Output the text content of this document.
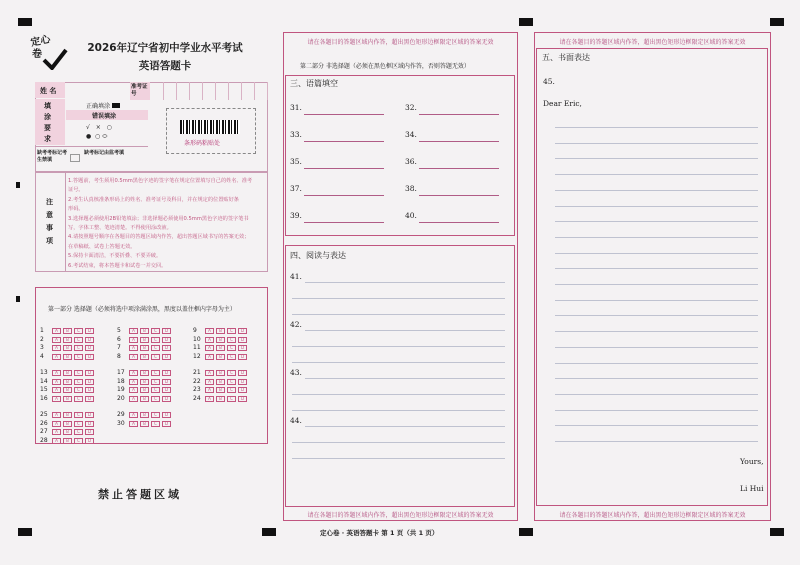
定心
卷
2026年辽宁省初中学业水平考试
英语答题卡
姓 名	准考证号
填 涂 要 求
正确填涂
错误填涂
√ × ○
●  ○ ⬭
缺考考标记考生禁填
缺考标记由监考填
条形码粘贴处
注 意 事 项
第一部分 选择题（必须将选中项涂满涂黑，黑度以盖住框内字母为主）
禁止答题区域
请在各题目的答题区域内作答，超出黑色矩形边框限定区域的答案无效
第二部分 非选择题（必须在黑色框区域内作答，否则答题无效）
三、语篇填空
四、阅读与表达
请在各题目的答题区域内作答，超出黑色矩形边框限定区域的答案无效
请在各题目的答题区域内作答，超出黑色矩形边框限定区域的答案无效
五、书面表达
45.
Dear Eric,
Yours,
Li Hui
请在各题目的答题区域内作答，超出黑色矩形边框限定区域的答案无效
定心卷 · 英语答题卡 第 1 页（共 1 页）
1.答题前，考生须用0.5mm黑色字迹的签字笔在规定位置填写自己的姓名、准考
证号。
2.考生认真核准条形码上的姓名、准考证号及科目，并在规定的位置贴好条
形码。
3.选择题必须使用2B铅笔填涂；非选择题必须使用0.5mm黑色字迹的签字笔书
写，字体工整、笔迹清楚。不得使用涂改液。
4.请按照题号顺序在各题目的答题区域内作答，超出答题区域书写的答案无效；
在草稿纸、试卷上答题无效。
5.保持卡面清洁，不要折叠、不要弄破。
6.考试结束，将本答题卡和试卷一并交回。
1	A	B	C	D
2	A	B	C	D
3	A	B	C	D
4	A	B	C	D
5	A	B	C	D
6	A	B	C	D
7	A	B	C	D
8	A	B	C	D
9	A	B	C	D
10	A	B	C	D
11	A	B	C	D
12	A	B	C	D
13	A	B	C	D
14	A	B	C	D
15	A	B	C	D
16	A	B	C	D
17	A	B	C	D
18	A	B	C	D
19	A	B	C	D
20	A	B	C	D
21	A	B	C	D
22	A	B	C	D
23	A	B	C	D
24	A	B	C	D
25	A	B	C	D
26	A	B	C	D
27	A	B	C	D
28	A	B	C	D
29	A	B	C	D
30	A	B	C	D
31.	32.
33.	34.
35.	36.
37.	38.
39.	40.
41.
42.
43.
44.
